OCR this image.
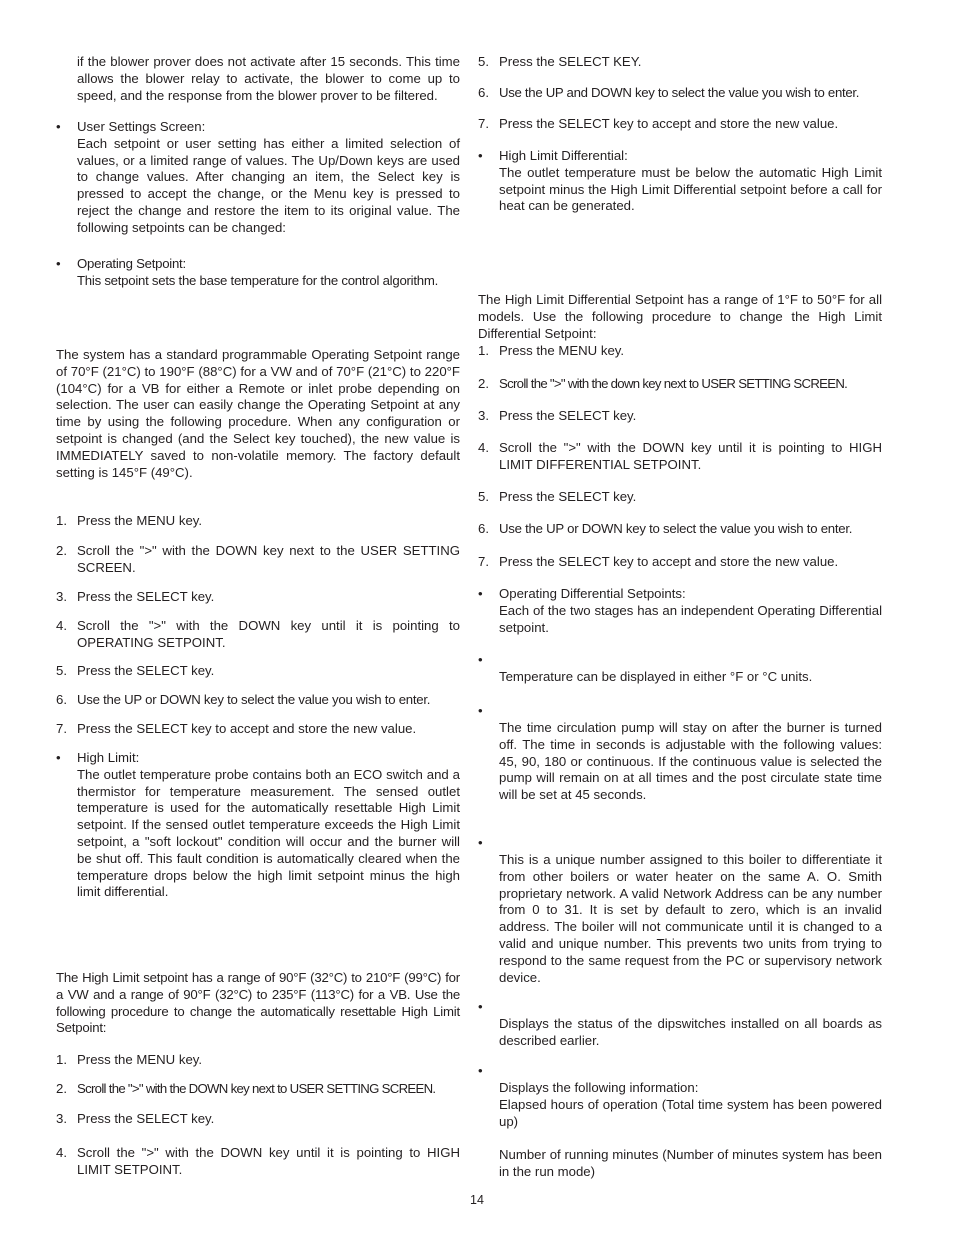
if the blower prover does not activate after 15 seconds. This time allows the blower relay to activate, the blower to come up to speed, and the response from the blower prover to be filtered.
• User Settings Screen:
Each setpoint or user setting has either a limited selection of values, or a limited range of values. The Up/Down keys are used to change values. After changing an item, the Select key is pressed to accept the change, or the Menu key is pressed to reject the change and restore the item to its original value. The following setpoints can be changed:
• Operating Setpoint:
This setpoint sets the base temperature for the control algorithm.
The system has a standard programmable Operating Setpoint range of 70°F (21°C) to 190°F (88°C) for a VW and of 70°F (21°C) to 220°F (104°C) for a VB for either a Remote or inlet probe depending on selection. The user can easily change the Operating Setpoint at any time by using the following procedure. When any configuration or setpoint is changed (and the Select key touched), the new value is IMMEDIATELY saved to non-volatile memory. The factory default setting is 145°F (49°C).
1. Press the MENU key.
2. Scroll the ">" with the DOWN key next to the USER SETTING SCREEN.
3. Press the SELECT key.
4. Scroll the ">" with the DOWN key until it is pointing to OPERATING SETPOINT.
5. Press the SELECT key.
6. Use the UP or DOWN key to select the value you wish to enter.
7. Press the SELECT key to accept and store the new value.
• High Limit:
The outlet temperature probe contains both an ECO switch and a thermistor for temperature measurement. The sensed outlet temperature is used for the automatically resettable High Limit setpoint. If the sensed outlet temperature exceeds the High Limit setpoint, a "soft lockout" condition will occur and the burner will be shut off. This fault condition is automatically cleared when the temperature drops below the high limit setpoint minus the high limit differential.
The High Limit setpoint has a range of 90°F (32°C) to 210°F (99°C) for a VW and a range of 90°F (32°C) to 235°F (113°C) for a VB. Use the following procedure to change the automatically resettable High Limit Setpoint:
1. Press the MENU key.
2. Scroll the ">" with the DOWN key next to USER SETTING SCREEN.
3. Press the SELECT key.
4. Scroll the ">" with the DOWN key until it is pointing to HIGH LIMIT SETPOINT.
5. Press the SELECT KEY.
6. Use the UP and DOWN key to select the value you wish to enter.
7. Press the SELECT key to accept and store the new value.
• High Limit Differential:
The outlet temperature must be below the automatic High Limit setpoint minus the High Limit Differential setpoint before a call for heat can be generated.
The High Limit Differential Setpoint has a range of 1°F to 50°F for all models. Use the following procedure to change the High Limit Differential Setpoint:
1. Press the MENU key.
2. Scroll the ">" with the down key next to USER SETTING SCREEN.
3. Press the SELECT key.
4. Scroll the ">" with the DOWN key until it is pointing to HIGH LIMIT DIFFERENTIAL SETPOINT.
5. Press the SELECT key.
6. Use the UP or DOWN key to select the value you wish to enter.
7. Press the SELECT key to accept and store the new value.
• Operating Differential Setpoints:
Each of the two stages has an independent Operating Differential setpoint.
•
Temperature can be displayed in either °F or °C units.
•
The time circulation pump will stay on after the burner is turned off. The time in seconds is adjustable with the following values: 45, 90, 180 or continuous. If the continuous value is selected the pump will remain on at all times and the post circulate state time will be set at 45 seconds.
•
This is a unique number assigned to this boiler to differentiate it from other boilers or water heater on the same A. O. Smith proprietary network. A valid Network Address can be any number from 0 to 31. It is set by default to zero, which is an invalid address. The boiler will not communicate until it is changed to a valid and unique number. This prevents two units from trying to respond to the same request from the PC or supervisory network device.
•
Displays the status of the dipswitches installed on all boards as described earlier.
•
Displays the following information:
Elapsed hours of operation (Total time system has been powered up)
Number of running minutes (Number of minutes system has been in the run mode)
14
